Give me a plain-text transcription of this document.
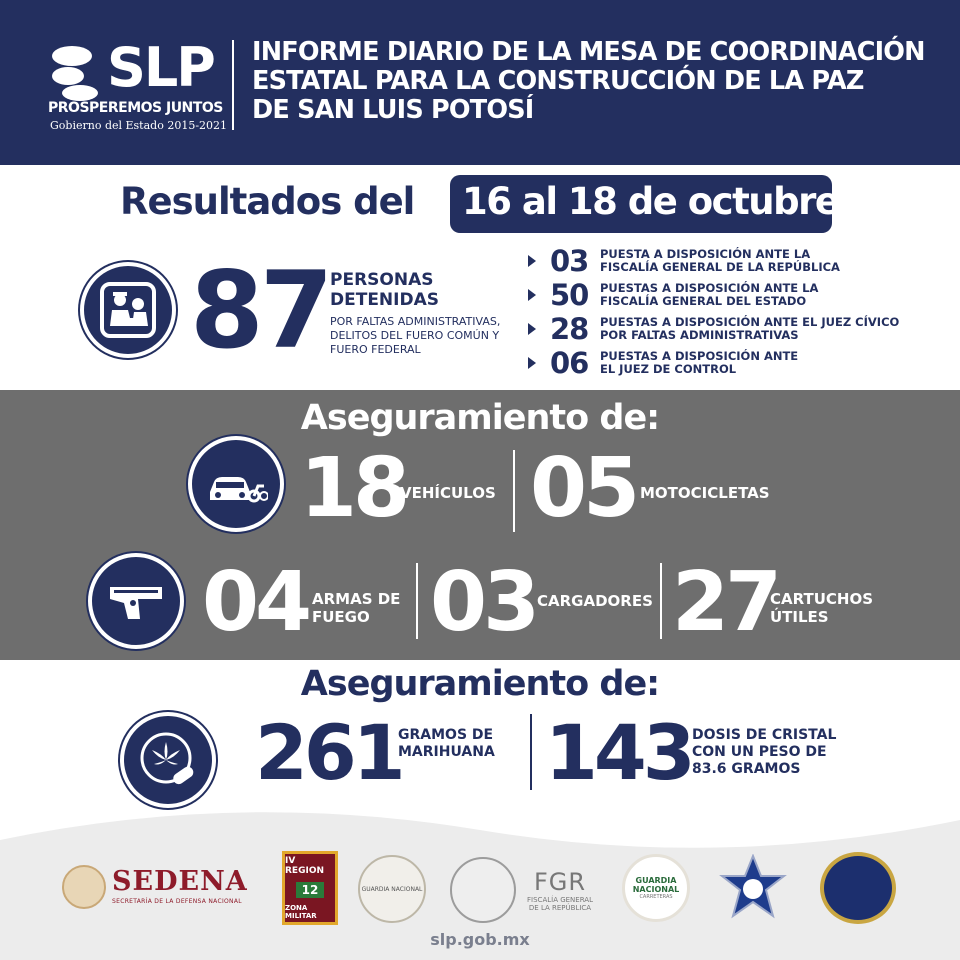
SLP
PROSPEREMOS JUNTOS
Gobierno del Estado 2015-2021
INFORME DIARIO DE LA MESA DE COORDINACIÓN
ESTATAL PARA LA CONSTRUCCIÓN DE LA PAZ
DE SAN LUIS POTOSÍ
Resultados del 16 al 18 de octubre
87 PERSONAS
DETENIDAS
POR FALTAS ADMINISTRATIVAS,
DELITOS DEL FUERO COMÚN Y
FUERO FEDERAL
03	PUESTA A DISPOSICIÓN ANTE LA
FISCALÍA GENERAL DE LA REPÚBLICA
50	PUESTAS A DISPOSICIÓN ANTE LA
FISCALÍA GENERAL DEL ESTADO
28	PUESTAS A DISPOSICIÓN ANTE EL JUEZ CÍVICO
POR FALTAS ADMINISTRATIVAS
06	PUESTAS A DISPOSICIÓN ANTE
EL JUEZ DE CONTROL
Aseguramiento de:
18
VEHÍCULOS 05 MOTOCICLETAS
04 ARMAS DE
FUEGO 03 CARGADORES 27
CARTUCHOS
ÚTILES
Aseguramiento de:
261
GRAMOS DE
MARIHUANA 143 DOSIS DE CRISTAL
CON UN PESO DE
83.6 GRAMOS
SEDENA
SECRETARÍA DE LA DEFENSA NACIONAL
IV REGION
12
ZONA MILITAR
GUARDIA NACIONAL	FGR
FISCALÍA GENERAL
DE LA REPÚBLICA
GUARDIA
NACIONAL
CARRETERAS
slp.gob.mx
